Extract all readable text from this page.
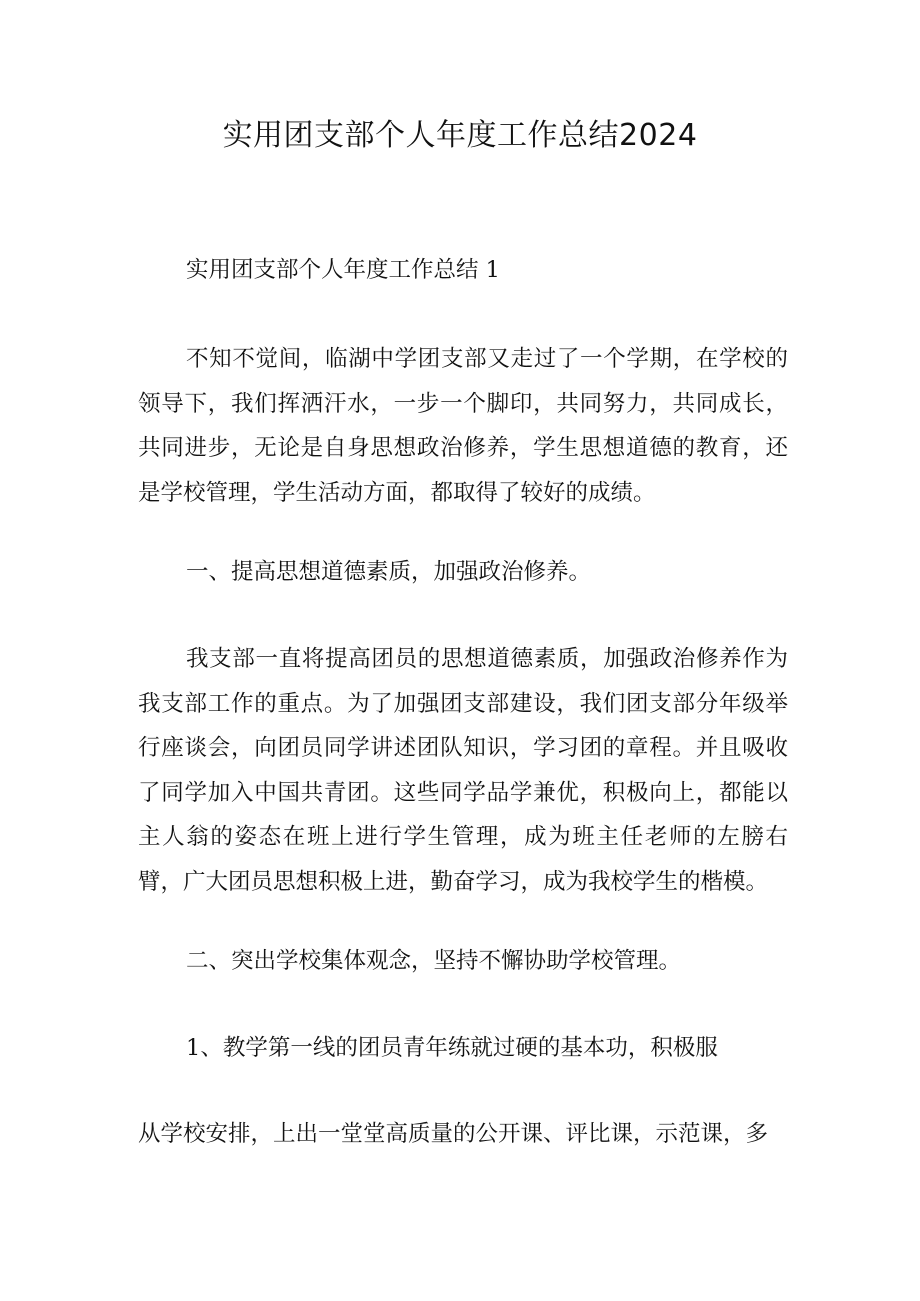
实用团支部个人年度工作总结2024

实用团支部个人年度工作总结 1

不知不觉间，临湖中学团支部又走过了一个学期，在学校的领导下，我们挥洒汗水，一步一个脚印，共同努力，共同成长，共同进步，无论是自身思想政治修养，学生思想道德的教育，还是学校管理，学生活动方面，都取得了较好的成绩。

一、提高思想道德素质，加强政治修养。

我支部一直将提高团员的思想道德素质，加强政治修养作为我支部工作的重点。为了加强团支部建设，我们团支部分年级举行座谈会，向团员同学讲述团队知识，学习团的章程。并且吸收了同学加入中国共青团。这些同学品学兼优，积极向上，都能以主人翁的姿态在班上进行学生管理，成为班主任老师的左膀右臂，广大团员思想积极上进，勤奋学习，成为我校学生的楷模。

二、突出学校集体观念，坚持不懈协助学校管理。

1、教学第一线的团员青年练就过硬的基本功，积极服

从学校安排，上出一堂堂高质量的公开课、评比课，示范课，多
